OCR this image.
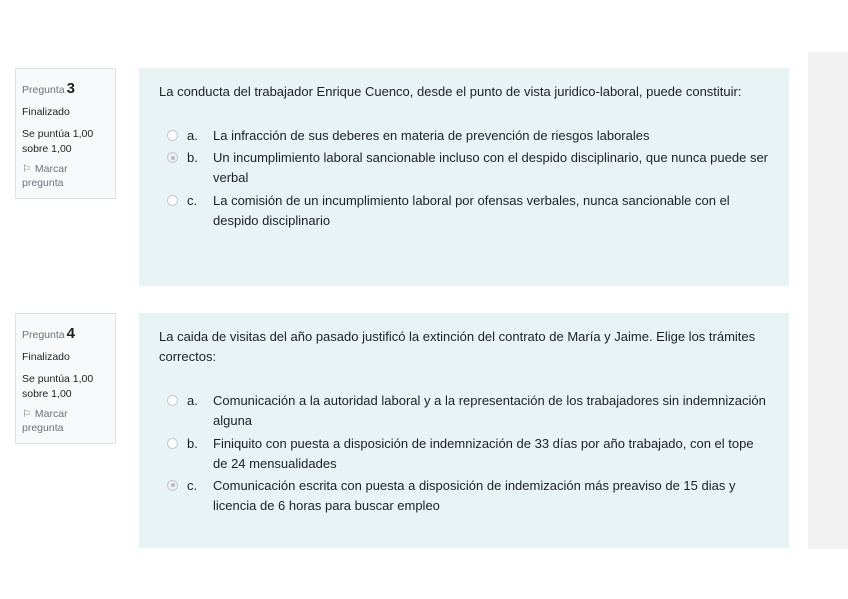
Pregunta 3
Finalizado
Se puntúa 1,00 sobre 1,00
⚐ Marcar pregunta

La conducta del trabajador Enrique Cuenco, desde el punto de vista juridico-laboral, puede constituir:

a.	La infracción de sus deberes en materia de prevención de riesgos laborales
b.	Un incumplimiento laboral sancionable incluso con el despido disciplinario, que nunca puede ser verbal
c.	La comisión de un incumplimiento laboral por ofensas verbales, nunca sancionable con el despido disciplinario
Pregunta 4
Finalizado
Se puntúa 1,00 sobre 1,00
⚐ Marcar pregunta

La caida de visitas del año pasado justificó la extinción del contrato de María y Jaime. Elige los trámites correctos:

a.	Comunicación a la autoridad laboral y a la representación de los trabajadores sin indemnización alguna
b.	Finiquito con puesta a disposición de indemnización de 33 días por año trabajado, con el tope de 24 mensualidades
c.	Comunicación escrita con puesta a disposición de indemización más preaviso de 15 dias y licencia de 6 horas para buscar empleo
